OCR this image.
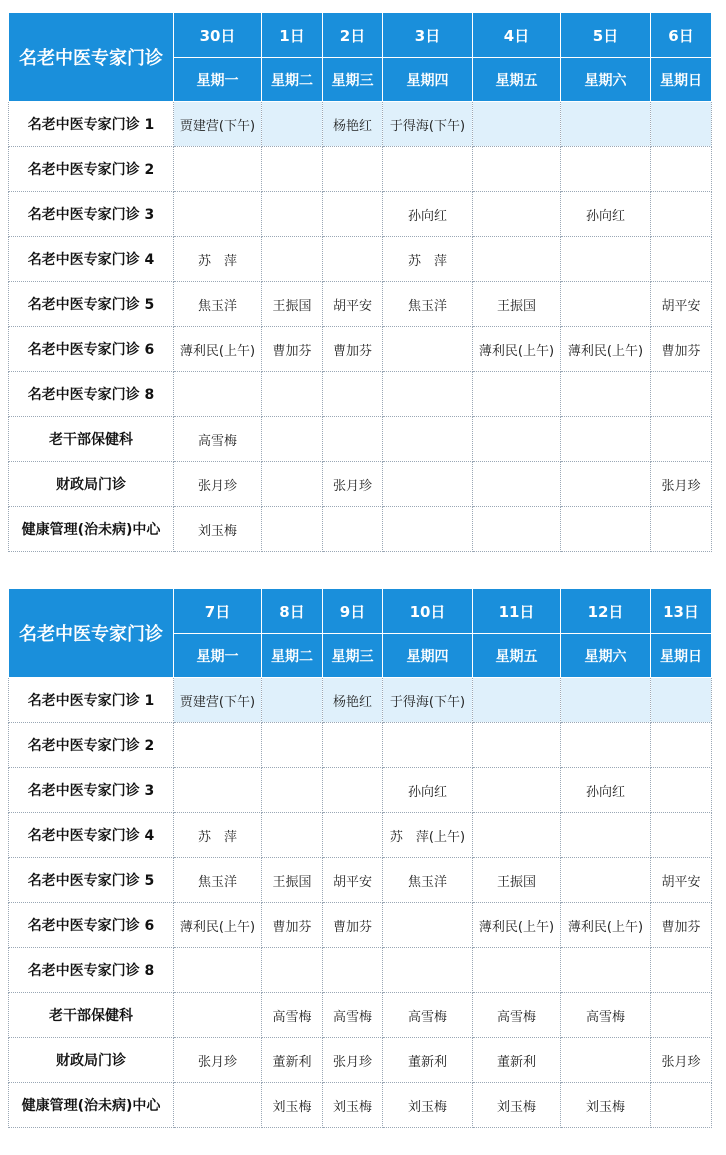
名老中医专家门诊	30日	1日	2日	3日	4日	5日	6日
	星期一	星期二	星期三	星期四	星期五	星期六	星期日
名老中医专家门诊 1	贾建营(下午)		杨艳红	于得海(下午)			
名老中医专家门诊 2							
名老中医专家门诊 3				孙向红		孙向红	
名老中医专家门诊 4	苏　萍			苏　萍			
名老中医专家门诊 5	焦玉洋	王振国	胡平安	焦玉洋	王振国		胡平安
名老中医专家门诊 6	薄利民(上午)	曹加芬	曹加芬		薄利民(上午)	薄利民(上午)	曹加芬
名老中医专家门诊 8							
老干部保健科	高雪梅						
财政局门诊	张月珍		张月珍				张月珍
健康管理(治未病)中心	刘玉梅						
名老中医专家门诊	7日	8日	9日	10日	11日	12日	13日
	星期一	星期二	星期三	星期四	星期五	星期六	星期日
名老中医专家门诊 1	贾建营(下午)		杨艳红	于得海(下午)			
名老中医专家门诊 2							
名老中医专家门诊 3				孙向红		孙向红	
名老中医专家门诊 4	苏　萍			苏　萍(上午)			
名老中医专家门诊 5	焦玉洋	王振国	胡平安	焦玉洋	王振国		胡平安
名老中医专家门诊 6	薄利民(上午)	曹加芬	曹加芬		薄利民(上午)	薄利民(上午)	曹加芬
名老中医专家门诊 8							
老干部保健科		高雪梅	高雪梅	高雪梅	高雪梅	高雪梅	
财政局门诊	张月珍	董新利	张月珍	董新利	董新利		张月珍
健康管理(治未病)中心		刘玉梅	刘玉梅	刘玉梅	刘玉梅	刘玉梅	
